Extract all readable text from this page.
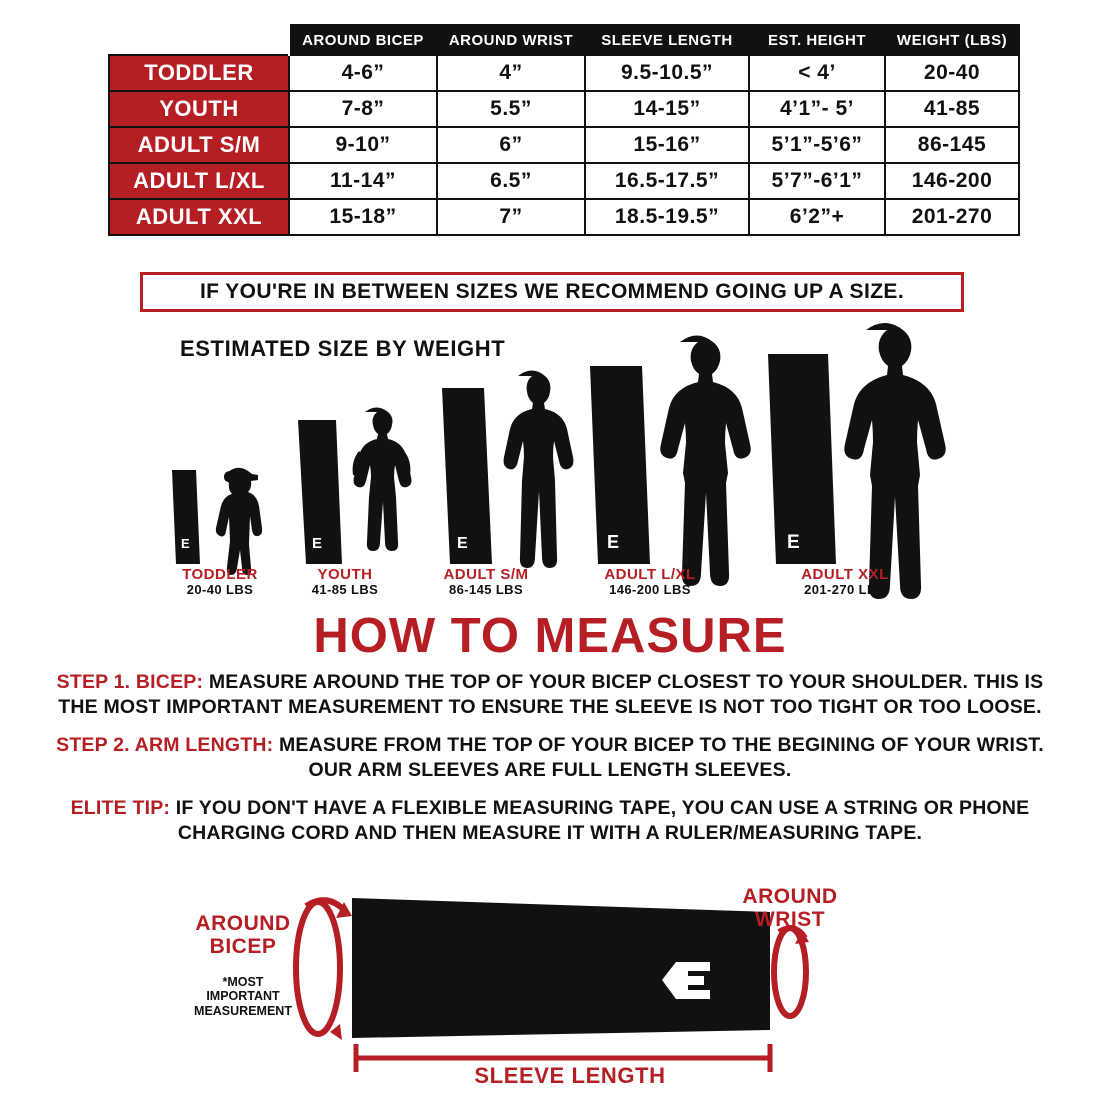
	AROUND BICEP	AROUND WRIST	SLEEVE LENGTH	EST. HEIGHT	WEIGHT (LBS)
TODDLER	4-6”	4”	9.5-10.5”	< 4’	20-40
YOUTH	7-8”	5.5”	14-15”	4’1”- 5’	41-85
ADULT S/M	9-10”	6”	15-16”	5’1”-5’6”	86-145
ADULT L/XL	11-14”	6.5”	16.5-17.5”	5’7”-6’1”	146-200
ADULT XXL	15-18”	7”	18.5-19.5”	6’2”+	201-270
IF YOU'RE IN BETWEEN SIZES WE RECOMMEND GOING UP A SIZE.
ESTIMATED SIZE BY WEIGHT
E	E	E	E	E
TODDLER
20-40 LBS
YOUTH
41-85 LBS
ADULT S/M
86-145 LBS
ADULT L/XL
146-200 LBS
ADULT XXL
201-270 LBS
HOW TO MEASURE
STEP 1. BICEP: MEASURE AROUND THE TOP OF YOUR BICEP CLOSEST TO YOUR SHOULDER. THIS IS THE MOST IMPORTANT MEASUREMENT TO ENSURE THE SLEEVE IS NOT TOO TIGHT OR TOO LOOSE.
STEP 2. ARM LENGTH: MEASURE FROM THE TOP OF YOUR BICEP TO THE BEGINING OF YOUR WRIST. OUR ARM SLEEVES ARE FULL LENGTH SLEEVES.
ELITE TIP: IF YOU DON'T HAVE A FLEXIBLE MEASURING TAPE, YOU CAN USE A STRING OR PHONE CHARGING CORD AND THEN MEASURE IT WITH A RULER/MEASURING TAPE.
AROUND
BICEP
*MOST
IMPORTANT
MEASUREMENT
AROUND
WRIST
SLEEVE LENGTH
